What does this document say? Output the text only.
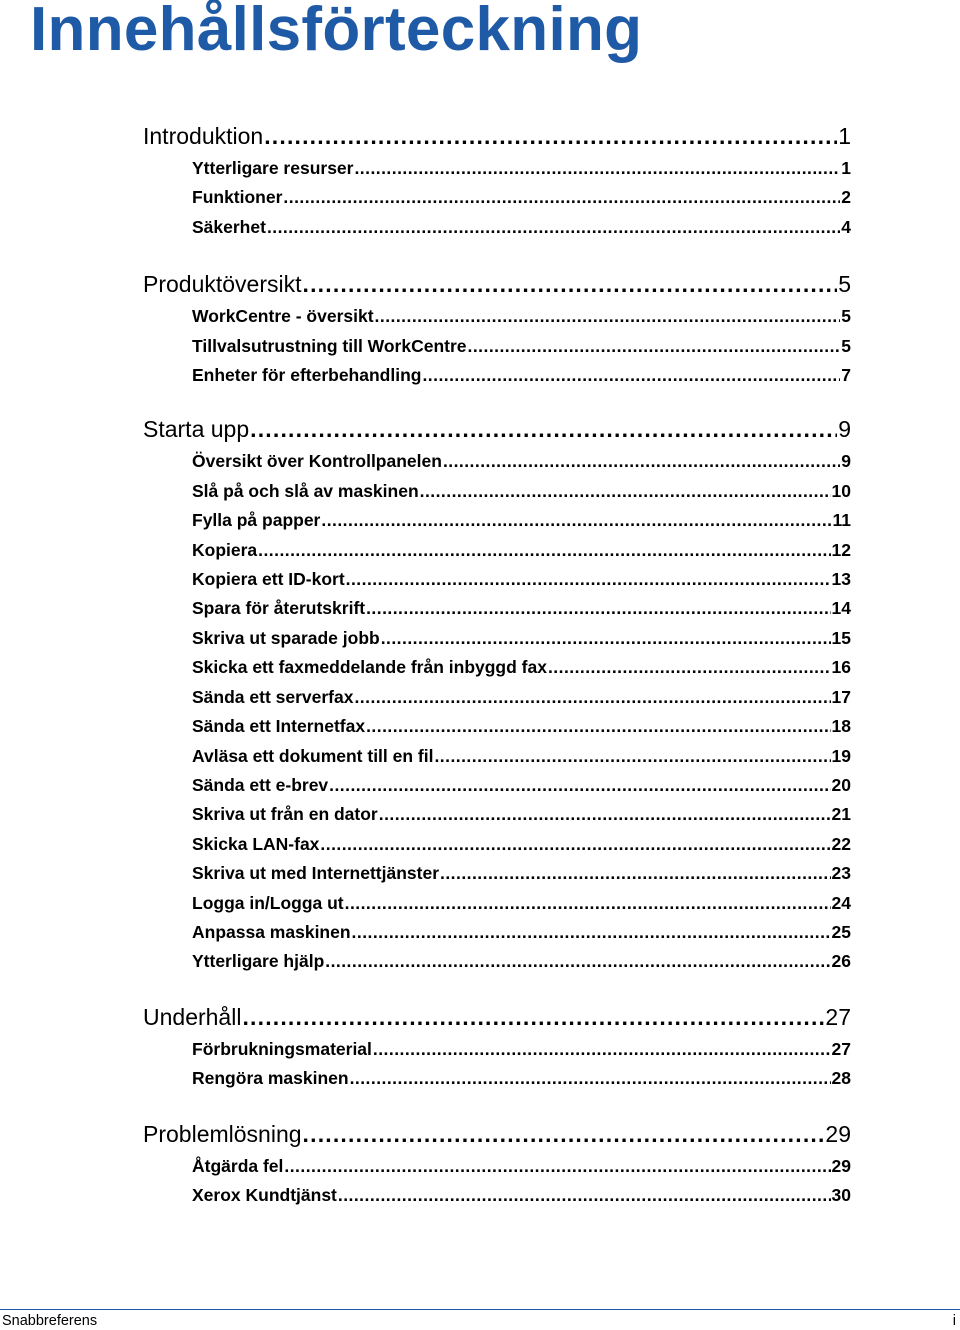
Innehållsförteckning
Introduktion . . .	1
Ytterligare resurser . . .	1
Funktioner . . .	2
Säkerhet . . .	4
Produktöversikt . . .	5
WorkCentre - översikt . . .	5
Tillvalsutrustning till WorkCentre . . .	5
Enheter för efterbehandling . . .	7
Starta upp . . .	9
Översikt över Kontrollpanelen . . .	9
Slå på och slå av maskinen . . .	10
Fylla på papper . . .	11
Kopiera . . .	12
Kopiera ett ID-kort . . .	13
Spara för återutskrift . . .	14
Skriva ut sparade jobb . . .	15
Skicka ett faxmeddelande från inbyggd fax . . .	16
Sända ett serverfax . . .	17
Sända ett Internetfax . . .	18
Avläsa ett dokument till en fil . . .	19
Sända ett e-brev . . .	20
Skriva ut från en dator . . .	21
Skicka LAN-fax . . .	22
Skriva ut med Internettjänster . . .	23
Logga in/Logga ut . . .	24
Anpassa maskinen . . .	25
Ytterligare hjälp . . .	26
Underhåll . . .	27
Förbrukningsmaterial . . .	27
Rengöra maskinen . . .	28
Problemlösning . . .	29
Åtgärda fel . . .	29
Xerox Kundtjänst . . .	30
Snabbreferens	i
